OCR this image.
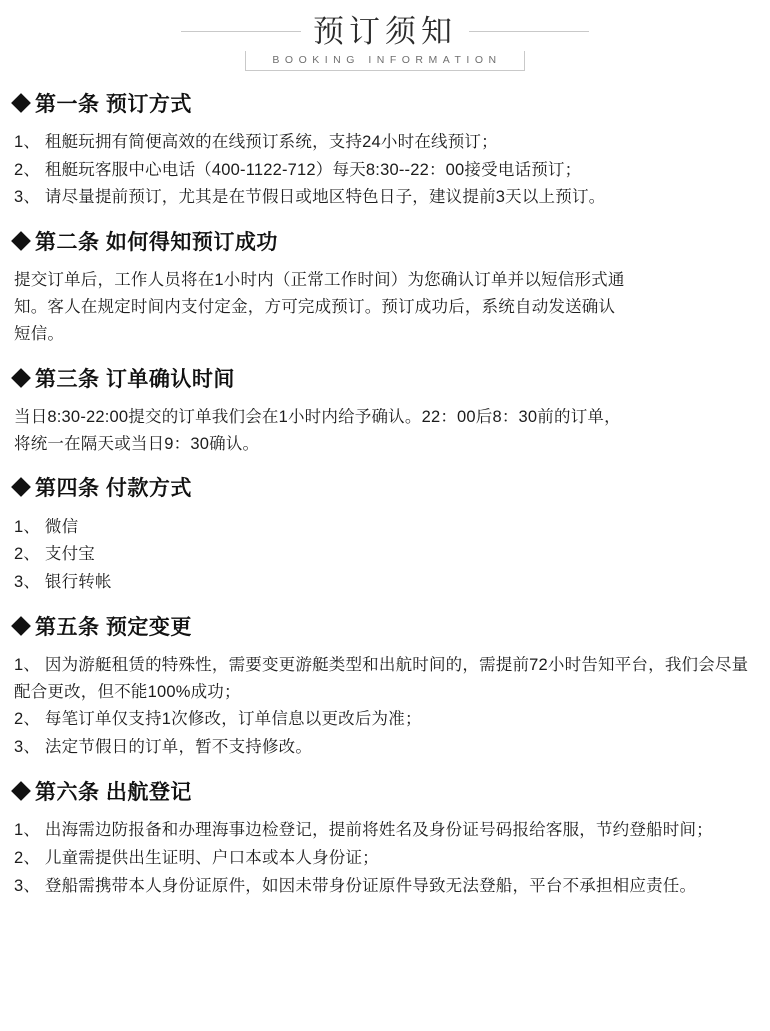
预订须知
BOOKING INFORMATION
第一条 预订方式
1、 租艇玩拥有简便高效的在线预订系统，支持24小时在线预订；
2、 租艇玩客服中心电话（400-1122-712）每天8:30--22：00接受电话预订；
3、 请尽量提前预订，尤其是在节假日或地区特色日子，建议提前3天以上预订。
第二条 如何得知预订成功

提交订单后，工作人员将在1小时内（正常工作时间）为您确认订单并以短信形式通

知。客人在规定时间内支付定金，方可完成预订。预订成功后，系统自动发送确认

短信。

第三条 订单确认时间

当日8:30-22:00提交的订单我们会在1小时内给予确认。22：00后8：30前的订单，

将统一在隔天或当日9：30确认。

第四条 付款方式
1、 微信
2、 支付宝
3、 银行转帐
第五条 预定变更
1、 因为游艇租赁的特殊性，需要变更游艇类型和出航时间的，需提前72小时告知平台，我们会尽量配合更改，但不能100%成功；
2、 每笔订单仅支持1次修改，订单信息以更改后为准；
3、 法定节假日的订单，暂不支持修改。
第六条 出航登记
1、 出海需边防报备和办理海事边检登记，提前将姓名及身份证号码报给客服，节约登船时间；
2、 儿童需提供出生证明、户口本或本人身份证；
3、 登船需携带本人身份证原件，如因未带身份证原件导致无法登船，平台不承担相应责任。
